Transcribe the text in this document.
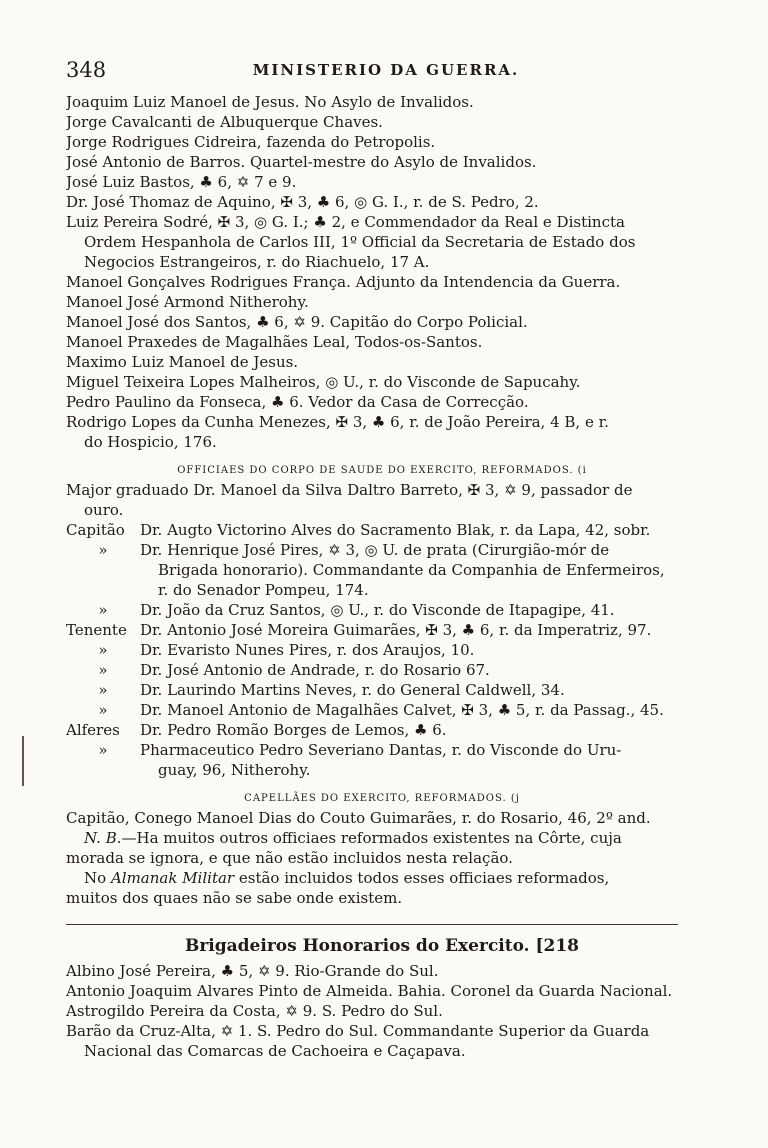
348	MINISTERIO DA GUERRA.
Joaquim Luiz Manoel de Jesus. No Asylo de Invalidos.
Jorge Cavalcanti de Albuquerque Chaves.
Jorge Rodrigues Cidreira, fazenda do Petropolis.
José Antonio de Barros. Quartel-mestre do Asylo de Invalidos.
José Luiz Bastos, ♣ 6, ✡ 7 e 9.
Dr. José Thomaz de Aquino, ✠ 3, ♣ 6, ◎ G. I., r. de S. Pedro, 2.
Luiz Pereira Sodré, ✠ 3, ◎ G. I.; ♣ 2, e Commendador da Real e Distincta
Ordem Hespanhola de Carlos III, 1º Official da Secretaria de Estado dos
Negocios Estrangeiros, r. do Riachuelo, 17 A.
Manoel Gonçalves Rodrigues França. Adjunto da Intendencia da Guerra.
Manoel José Armond Nitherohy.
Manoel José dos Santos, ♣ 6, ✡ 9. Capitão do Corpo Policial.
Manoel Praxedes de Magalhães Leal, Todos-os-Santos.
Maximo Luiz Manoel de Jesus.
Miguel Teixeira Lopes Malheiros, ◎ U., r. do Visconde de Sapucahy.
Pedro Paulino da Fonseca, ♣ 6. Vedor da Casa de Correcção.
Rodrigo Lopes da Cunha Menezes, ✠ 3, ♣ 6, r. de João Pereira, 4 B, e r.
do Hospicio, 176.
OFFICIAES DO CORPO DE SAUDE DO EXERCITO, REFORMADOS. (i
Major graduado Dr. Manoel da Silva Daltro Barreto, ✠ 3, ✡ 9, passador de
ouro.
Capitão	Dr. Augto Victorino Alves do Sacramento Blak, r. da Lapa, 42, sobr.
»	Dr. Henrique José Pires, ✡ 3, ◎ U. de prata (Cirurgião-mór de
Brigada honorario). Commandante da Companhia de Enfermeiros,
r. do Senador Pompeu, 174.
»	Dr. João da Cruz Santos, ◎ U., r. do Visconde de Itapagipe, 41.
Tenente Dr. Antonio José Moreira Guimarães, ✠ 3, ♣ 6, r. da Imperatriz, 97.
»	Dr. Evaristo Nunes Pires, r. dos Araujos, 10.
»	Dr. José Antonio de Andrade, r. do Rosario 67.
»	Dr. Laurindo Martins Neves, r. do General Caldwell, 34.
»	Dr. Manoel Antonio de Magalhães Calvet, ✠ 3, ♣ 5, r. da Passag., 45.
Alferes	Dr. Pedro Romão Borges de Lemos, ♣ 6.
»	Pharmaceutico Pedro Severiano Dantas, r. do Visconde do Uru-
guay, 96, Nitherohy.
CAPELLÃES DO EXERCITO, REFORMADOS. (j
Capitão, Conego Manoel Dias do Couto Guimarães, r. do Rosario, 46, 2º and.
N. B.—Ha muitos outros officiaes reformados existentes na Côrte, cuja
morada se ignora, e que não estão incluidos nesta relação.
No Almanak Militar estão incluidos todos esses officiaes reformados,
muitos dos quaes não se sabe onde existem.
Brigadeiros Honorarios do Exercito. [218
Albino José Pereira, ♣ 5, ✡ 9. Rio-Grande do Sul.
Antonio Joaquim Alvares Pinto de Almeida. Bahia. Coronel da Guarda Nacional.
Astrogildo Pereira da Costa, ✡ 9. S. Pedro do Sul.
Barão da Cruz-Alta, ✡ 1. S. Pedro do Sul. Commandante Superior da Guarda
Nacional das Comarcas de Cachoeira e Caçapava.
